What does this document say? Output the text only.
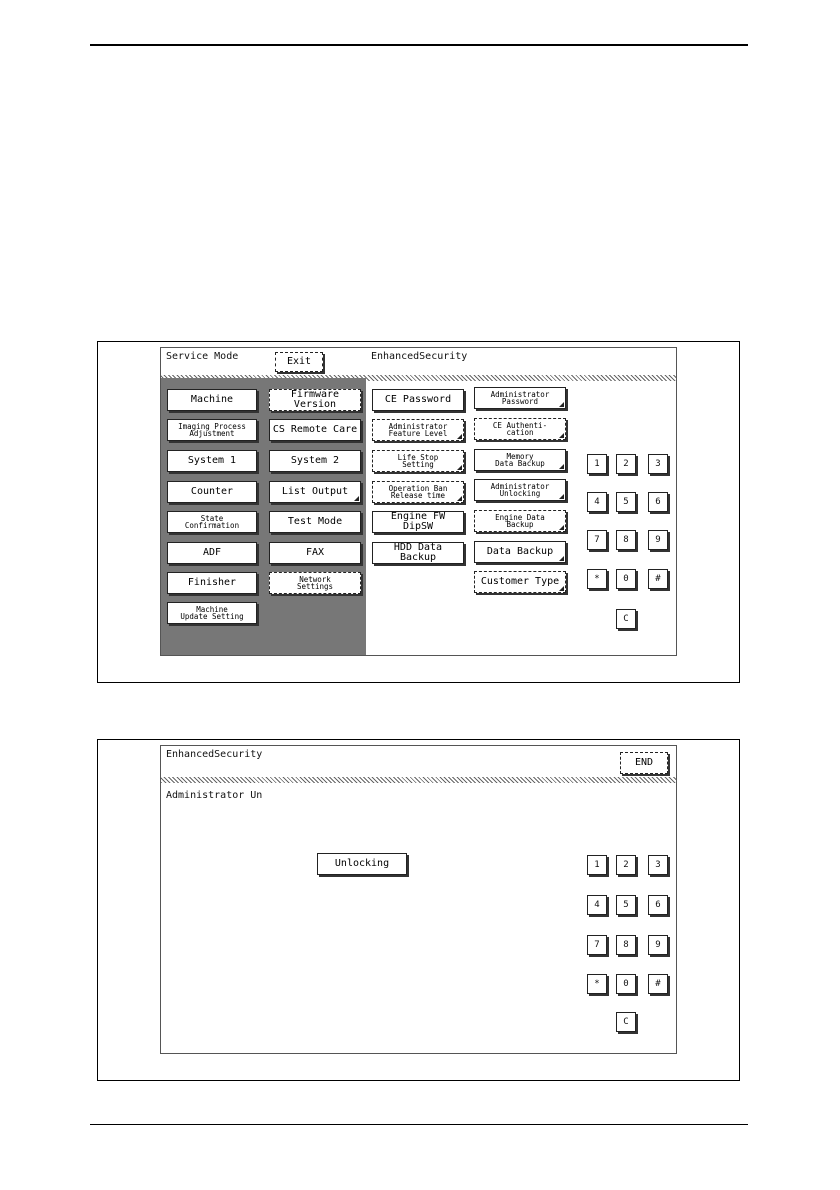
Service Mode	Exit	EnhancedSecurity
Machine
Imaging Process
Adjustment
System 1
Counter
State
Confirmation
ADF
Finisher
Machine
Update Setting
Firmware Version
CS Remote Care
System 2
List Output
Test Mode
FAX
Network
Settings
CE Password
Administrator
Feature Level
Life Stop
Setting
Operation Ban
Release time
Engine FW DipSW
HDD Data Backup
Administrator
Password
CE Authenti-
cation
Memory
Data Backup
Administrator
Unlocking
Engine Data
Backup
Data Backup
Customer Type
1	2	3
4	5	6
7	8	9
*	0	#
C
EnhancedSecurity
END
Administrator Un
Unlocking	1	2	3
4	5	6
7	8	9
*	0	#
C
